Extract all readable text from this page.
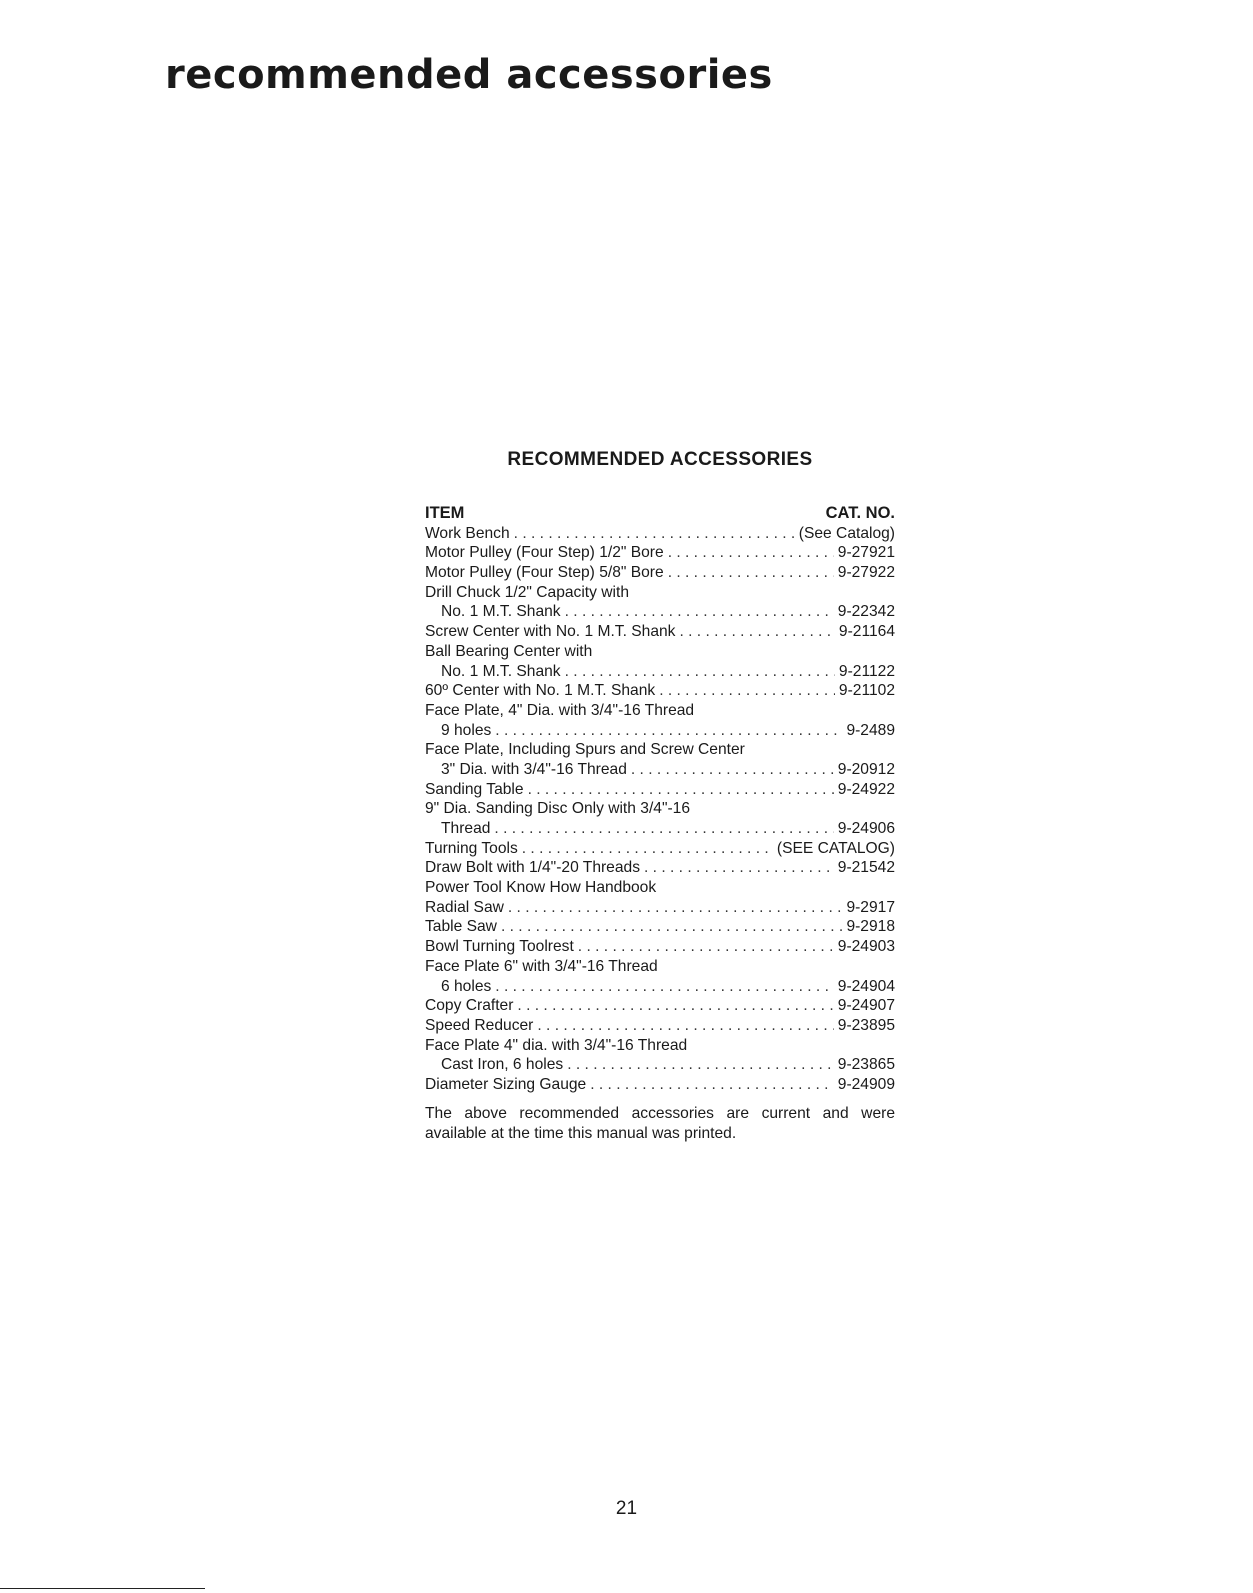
recommended accessories
RECOMMENDED ACCESSORIES
ITEM	CAT. NO.
Work Bench . . .	(See Catalog)
Motor Pulley (Four Step) 1/2" Bore . . .	9-27921
Motor Pulley (Four Step) 5/8" Bore . . .	9-27922
Drill Chuck 1/2" Capacity with
No. 1 M.T. Shank . . .	9-22342
Screw Center with No. 1 M.T. Shank . . .	9-21164
Ball Bearing Center with
No. 1 M.T. Shank . . .	9-21122
60º Center with No. 1 M.T. Shank . . .	9-21102
Face Plate, 4" Dia. with 3/4"-16 Thread
9 holes . . .	9-2489
Face Plate, Including Spurs and Screw Center
3" Dia. with 3/4"-16 Thread . . .	9-20912
Sanding Table . . .	9-24922
9" Dia. Sanding Disc Only with 3/4"-16
Thread . . .	9-24906
Turning Tools . . .	(SEE CATALOG)
Draw Bolt with 1/4"-20 Threads . . .	9-21542
Power Tool Know How Handbook
Radial Saw . . .	9-2917
Table Saw . . .	9-2918
Bowl Turning Toolrest . . .	9-24903
Face Plate 6" with 3/4"-16 Thread
6 holes . . .	9-24904
Copy Crafter . . .	9-24907
Speed Reducer . . .	9-23895
Face Plate 4" dia. with 3/4"-16 Thread
Cast Iron, 6 holes . . .	9-23865
Diameter Sizing Gauge . . .	9-24909

The above recommended accessories are current and were available at the time this manual was printed.

21
